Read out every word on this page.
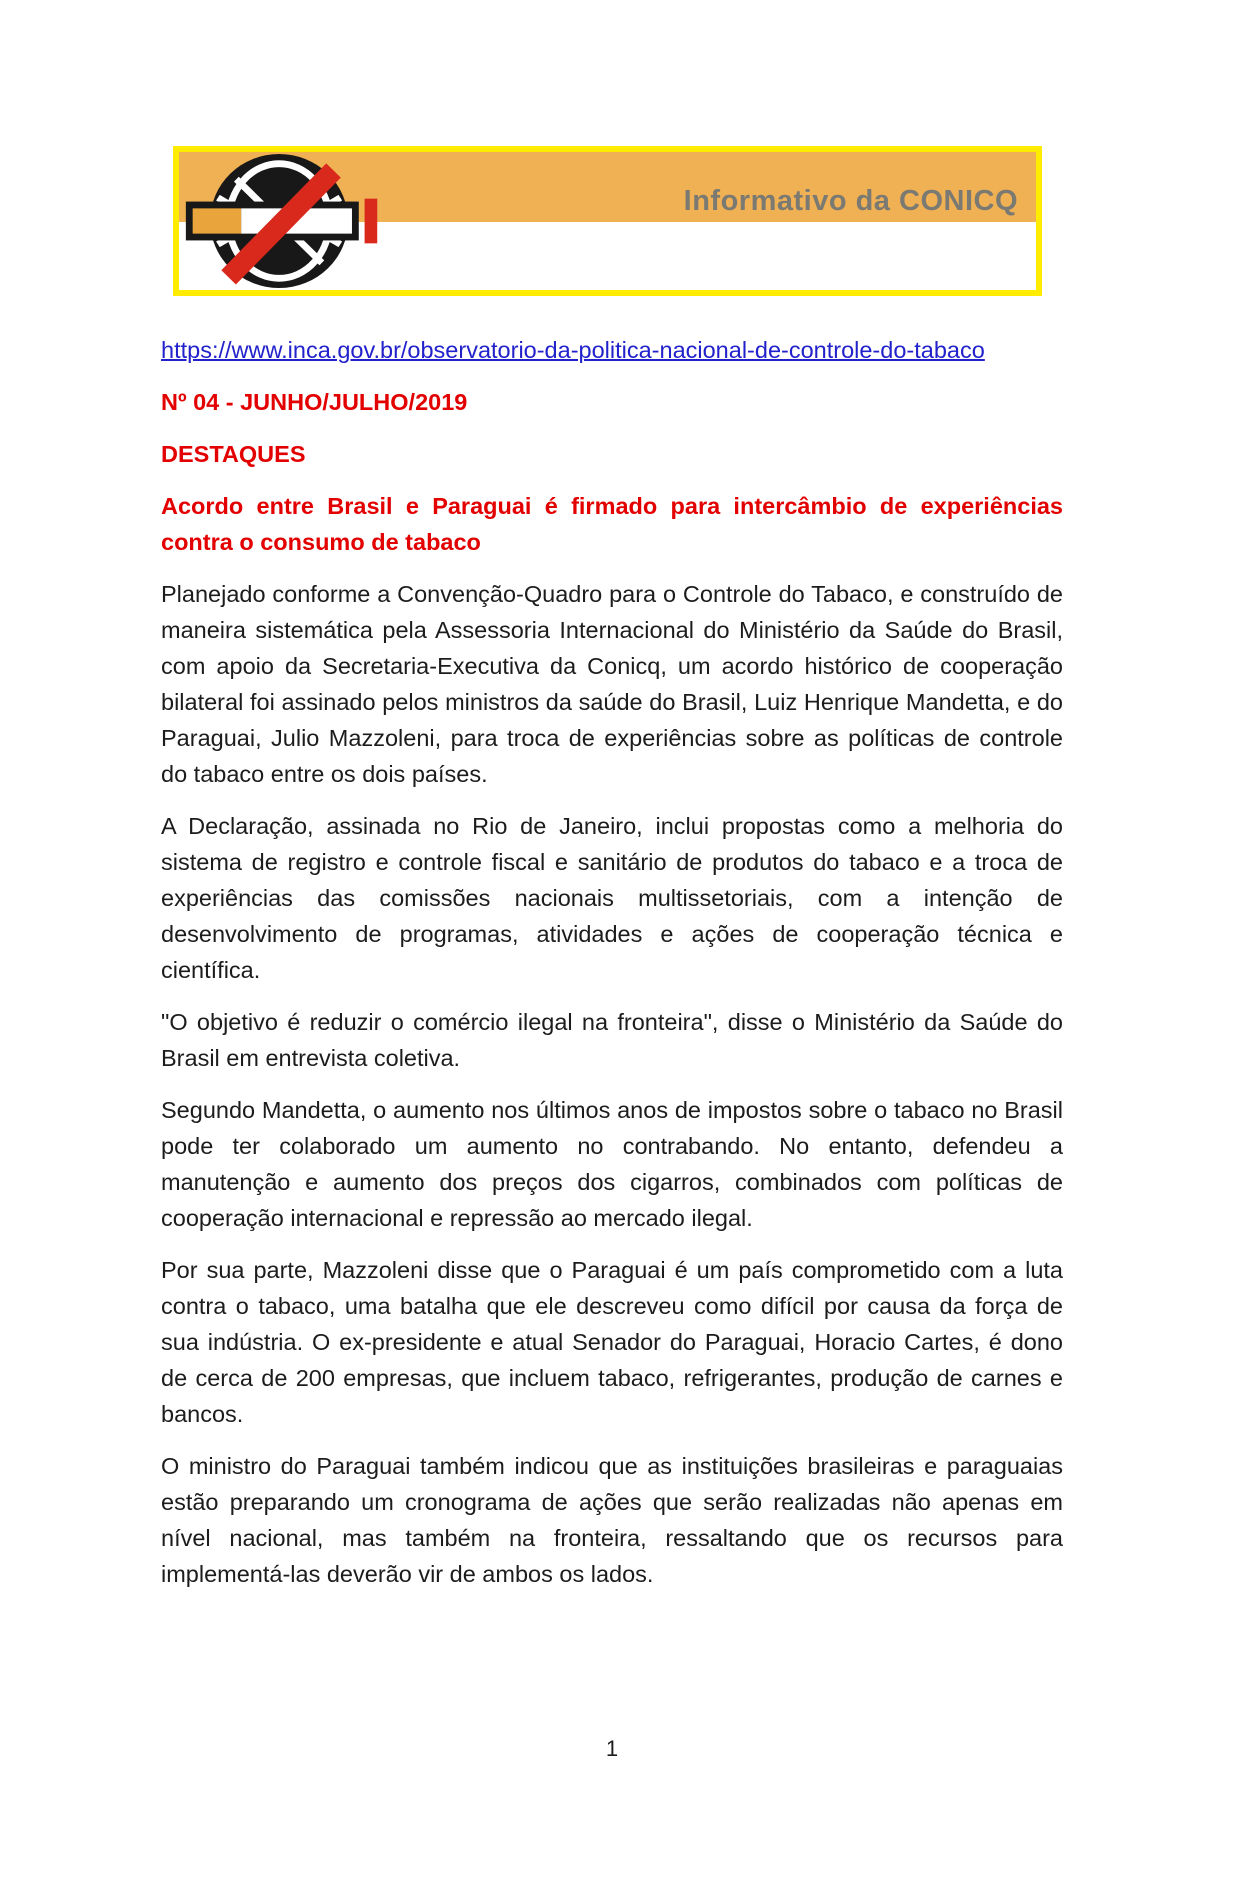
Informativo da CONICQ

https://www.inca.gov.br/observatorio-da-politica-nacional-de-controle-do-tabaco

Nº 04 - JUNHO/JULHO/2019

DESTAQUES

Acordo entre Brasil e Paraguai é firmado para intercâmbio de experiências contra o consumo de tabaco

Planejado conforme a Convenção-Quadro para o Controle do Tabaco, e construído de maneira sistemática pela Assessoria Internacional do Ministério da Saúde do Brasil, com apoio da Secretaria-Executiva da Conicq, um acordo histórico de cooperação bilateral foi assinado pelos ministros da saúde do Brasil, Luiz Henrique Mandetta, e do Paraguai, Julio Mazzoleni, para troca de experiências sobre as políticas de controle do tabaco entre os dois países.

A Declaração, assinada no Rio de Janeiro, inclui propostas como a melhoria do sistema de registro e controle fiscal e sanitário de produtos do tabaco e a troca de experiências das comissões nacionais multissetoriais, com a intenção de desenvolvimento de programas, atividades e ações de cooperação técnica e científica.

"O objetivo é reduzir o comércio ilegal na fronteira", disse o Ministério da Saúde do Brasil em entrevista coletiva.

Segundo Mandetta, o aumento nos últimos anos de impostos sobre o tabaco no Brasil pode ter colaborado um aumento no contrabando. No entanto, defendeu a manutenção e aumento dos preços dos cigarros, combinados com políticas de cooperação internacional e repressão ao mercado ilegal.

Por sua parte, Mazzoleni disse que o Paraguai é um país comprometido com a luta contra o tabaco, uma batalha que ele descreveu como difícil por causa da força de sua indústria. O ex-presidente e atual Senador do Paraguai, Horacio Cartes, é dono de cerca de 200 empresas, que incluem tabaco, refrigerantes, produção de carnes e bancos.

O ministro do Paraguai também indicou que as instituições brasileiras e paraguaias estão preparando um cronograma de ações que serão realizadas não apenas em nível nacional, mas também na fronteira, ressaltando que os recursos para implementá-las deverão vir de ambos os lados.

1
